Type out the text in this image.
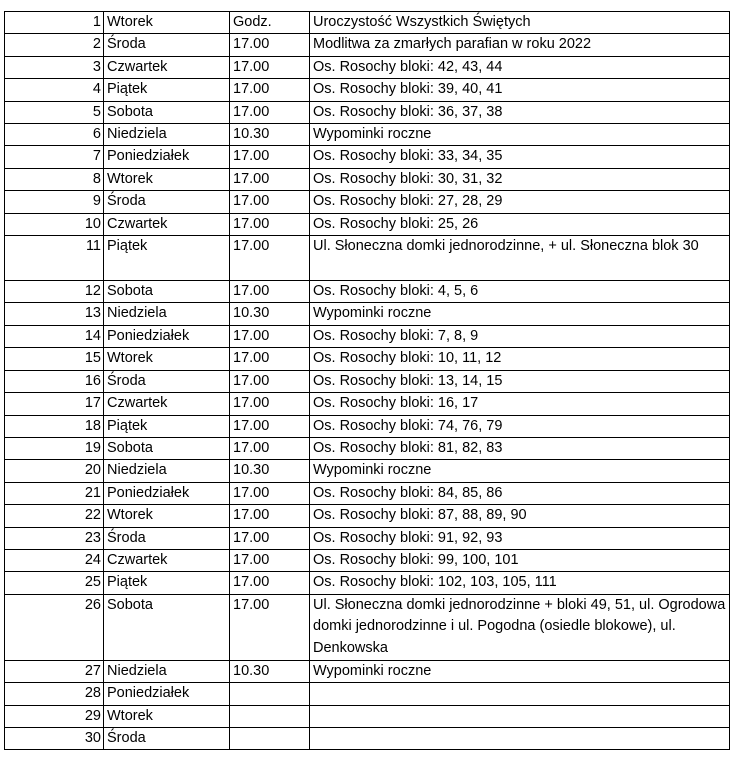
1	Wtorek	Godz.	Uroczystość Wszystkich Świętych
2	Środa	17.00	Modlitwa za zmarłych parafian w roku 2022
3	Czwartek	17.00	Os. Rosochy bloki: 42, 43, 44
4	Piątek	17.00	Os. Rosochy bloki: 39, 40, 41
5	Sobota	17.00	Os. Rosochy bloki: 36, 37, 38
6	Niedziela	10.30	Wypominki roczne
7	Poniedziałek	17.00	Os. Rosochy bloki: 33, 34, 35
8	Wtorek	17.00	Os. Rosochy bloki: 30, 31, 32
9	Środa	17.00	Os. Rosochy bloki: 27, 28, 29
10	Czwartek	17.00	Os. Rosochy bloki: 25, 26
11	Piątek	17.00	Ul. Słoneczna domki jednorodzinne, + ul. Słoneczna blok 30
12	Sobota	17.00	Os. Rosochy bloki: 4, 5, 6
13	Niedziela	10.30	Wypominki roczne
14	Poniedziałek	17.00	Os. Rosochy bloki: 7, 8, 9
15	Wtorek	17.00	Os. Rosochy bloki: 10, 11, 12
16	Środa	17.00	Os. Rosochy bloki: 13, 14, 15
17	Czwartek	17.00	Os. Rosochy bloki: 16, 17
18	Piątek	17.00	Os. Rosochy bloki: 74, 76, 79
19	Sobota	17.00	Os. Rosochy bloki: 81, 82, 83
20	Niedziela	10.30	Wypominki roczne
21	Poniedziałek	17.00	Os. Rosochy bloki: 84, 85, 86
22	Wtorek	17.00	Os. Rosochy bloki: 87, 88, 89, 90
23	Środa	17.00	Os. Rosochy bloki: 91, 92, 93
24	Czwartek	17.00	Os. Rosochy bloki: 99, 100, 101
25	Piątek	17.00	Os. Rosochy bloki: 102, 103, 105, 111
26	Sobota	17.00	Ul. Słoneczna domki jednorodzinne + bloki 49, 51, ul. Ogrodowa domki jednorodzinne i ul. Pogodna (osiedle blokowe), ul. Denkowska
27	Niedziela	10.30	Wypominki roczne
28	Poniedziałek		
29	Wtorek		
30	Środa		
